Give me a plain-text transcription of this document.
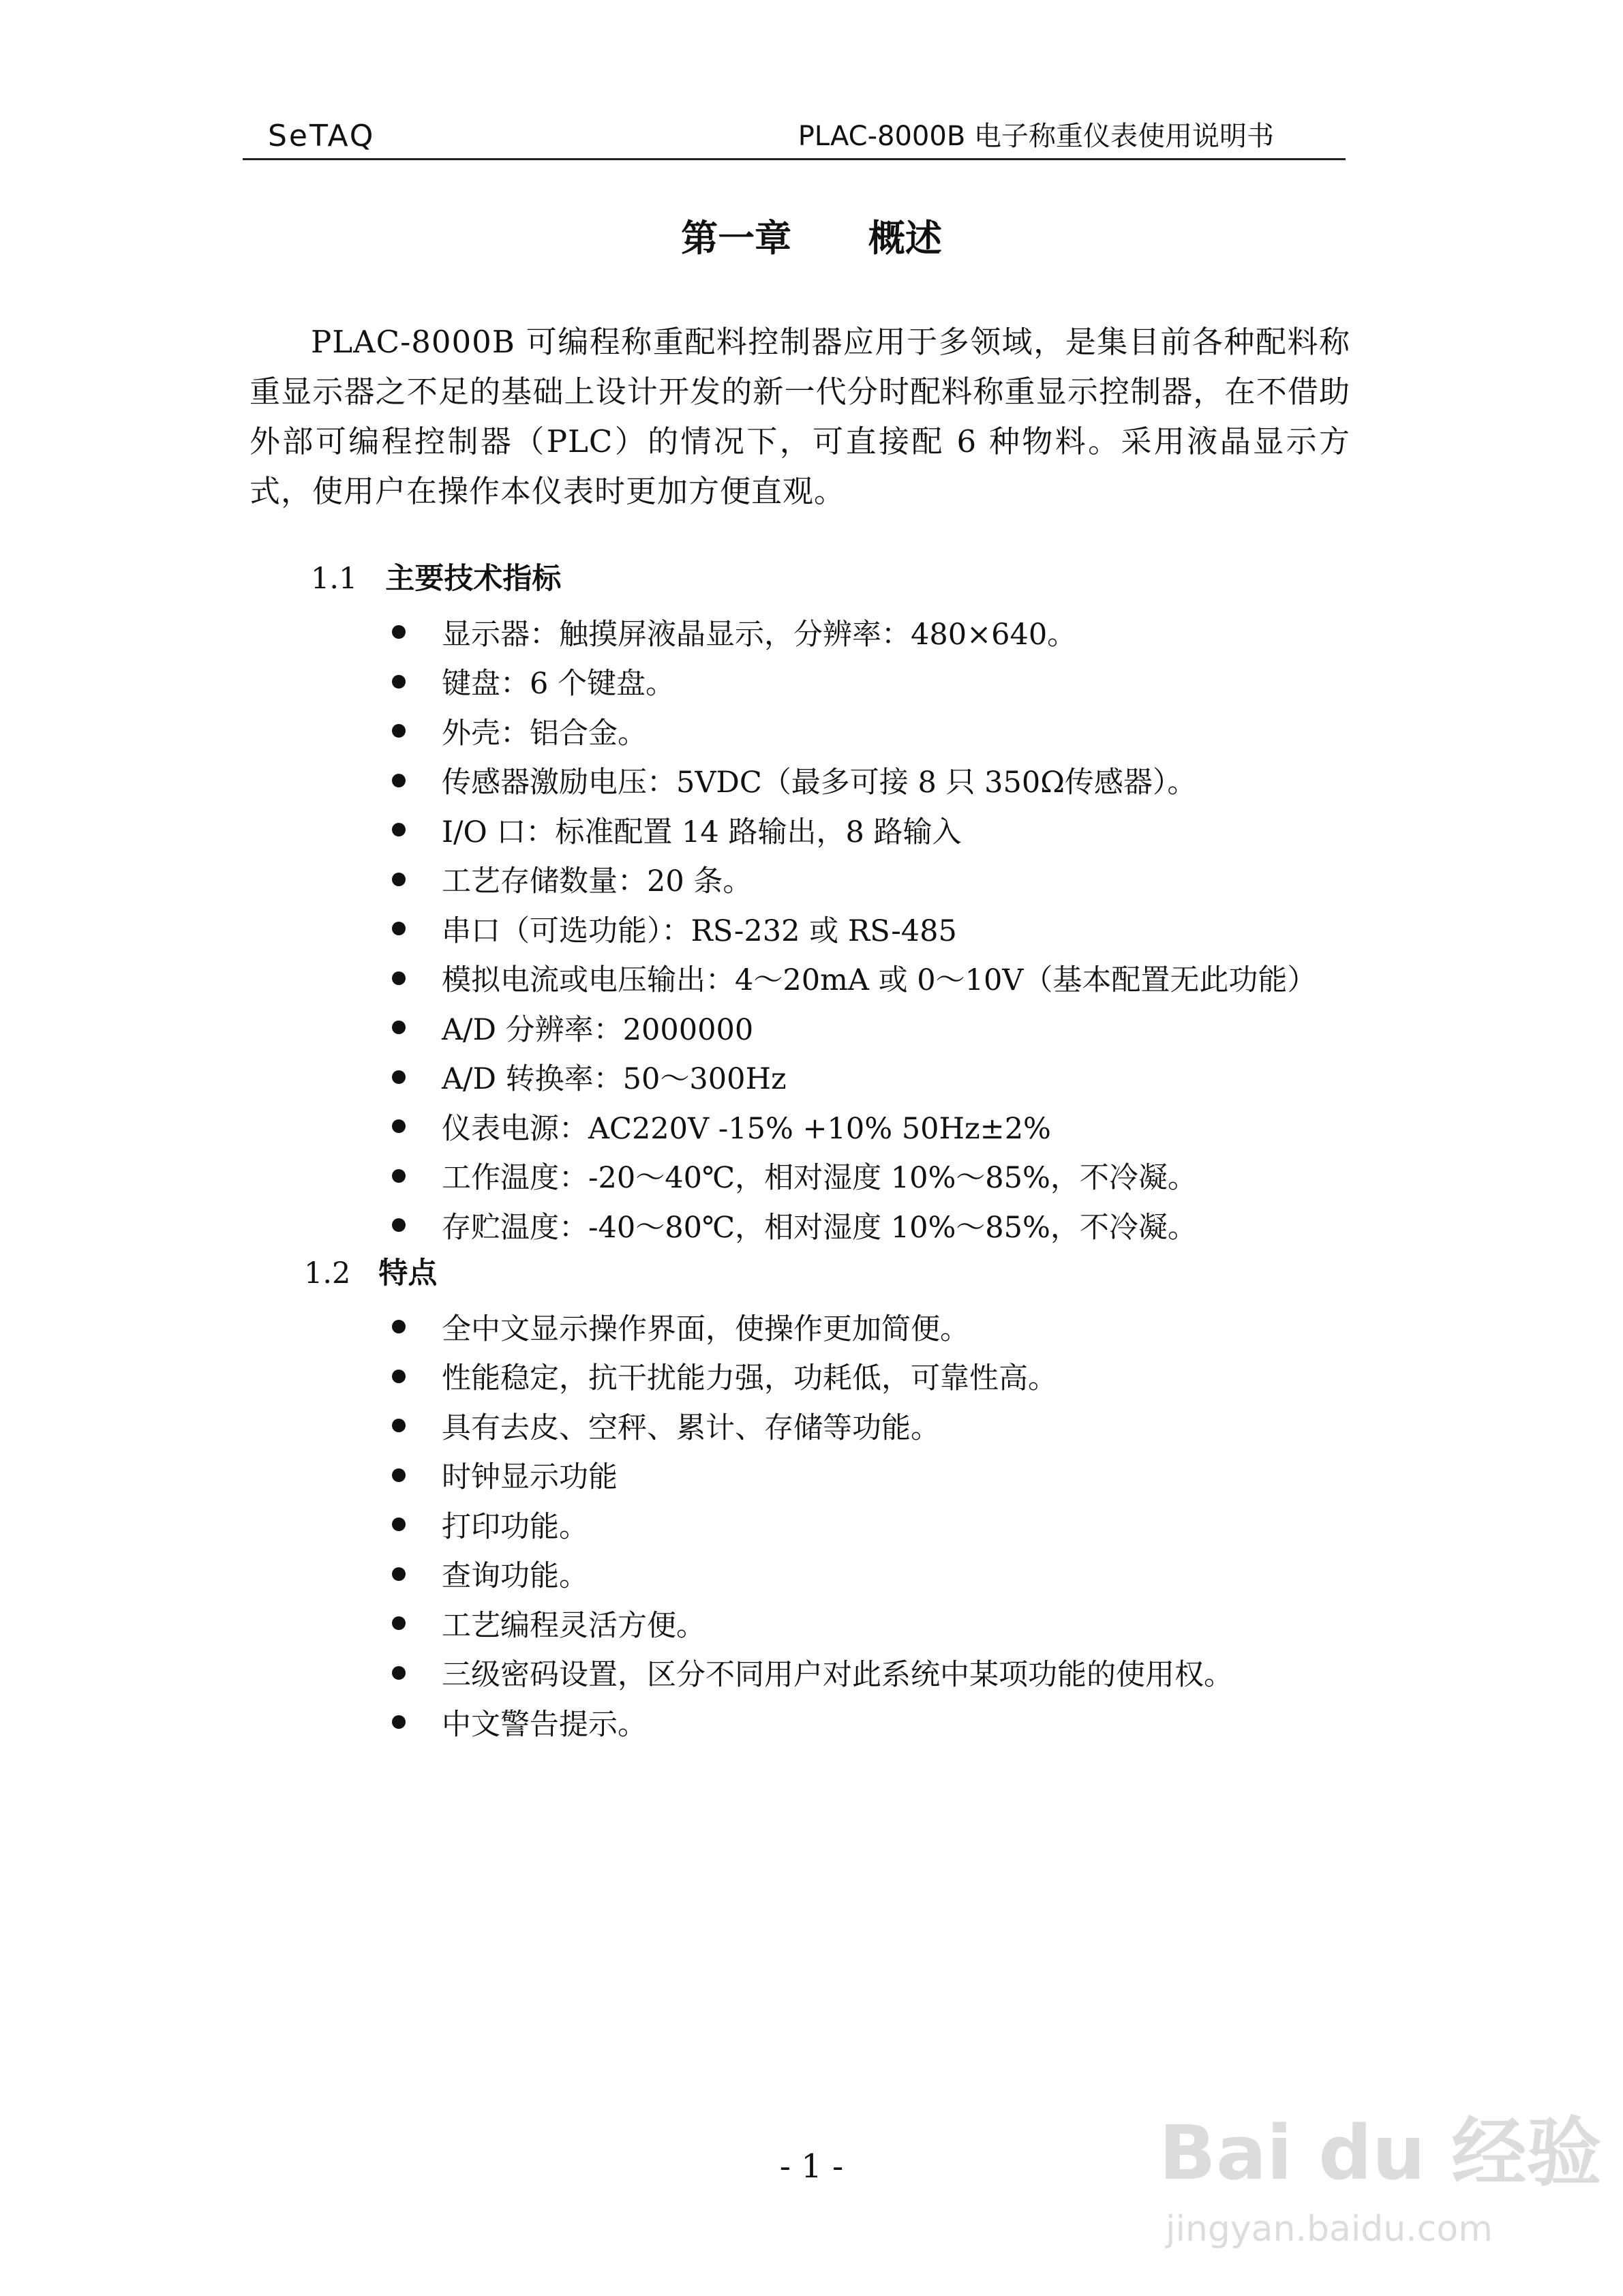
SeTAQ	PLAC-8000B 电子称重仪表使用说明书
第一章      概述

PLAC-8000B 可编程称重配料控制器应用于多领域，是集目前各种配料称重显示器之不足的基础上设计开发的新一代分时配料称重显示控制器，在不借助外部可编程控制器（PLC）的情况下，可直接配 6 种物料。采用液晶显示方式，使用户在操作本仪表时更加方便直观。

1.1 主要技术指标
显示器：触摸屏液晶显示，分辨率：480×640。
键盘：6 个键盘。
外壳：铝合金。
传感器激励电压：5VDC（最多可接 8 只 350Ω传感器）。
I/O 口：标准配置 14 路输出，8 路输入
工艺存储数量：20 条。
串口（可选功能）：RS-232 或 RS-485
模拟电流或电压输出：4～20mA 或 0～10V（基本配置无此功能）
A/D 分辨率：2000000
A/D 转换率：50～300Hz
仪表电源：AC220V -15% +10% 50Hz±2%
工作温度：-20～40℃，相对湿度 10%～85%，不冷凝。
存贮温度：-40～80℃，相对湿度 10%～85%，不冷凝。
1.2 特点
全中文显示操作界面，使操作更加简便。
性能稳定，抗干扰能力强，功耗低，可靠性高。
具有去皮、空秤、累计、存储等功能。
时钟显示功能
打印功能。
查询功能。
工艺编程灵活方便。
三级密码设置，区分不同用户对此系统中某项功能的使用权。
中文警告提示。
- 1 -	Bai du 经验
jingyan.baidu.com
